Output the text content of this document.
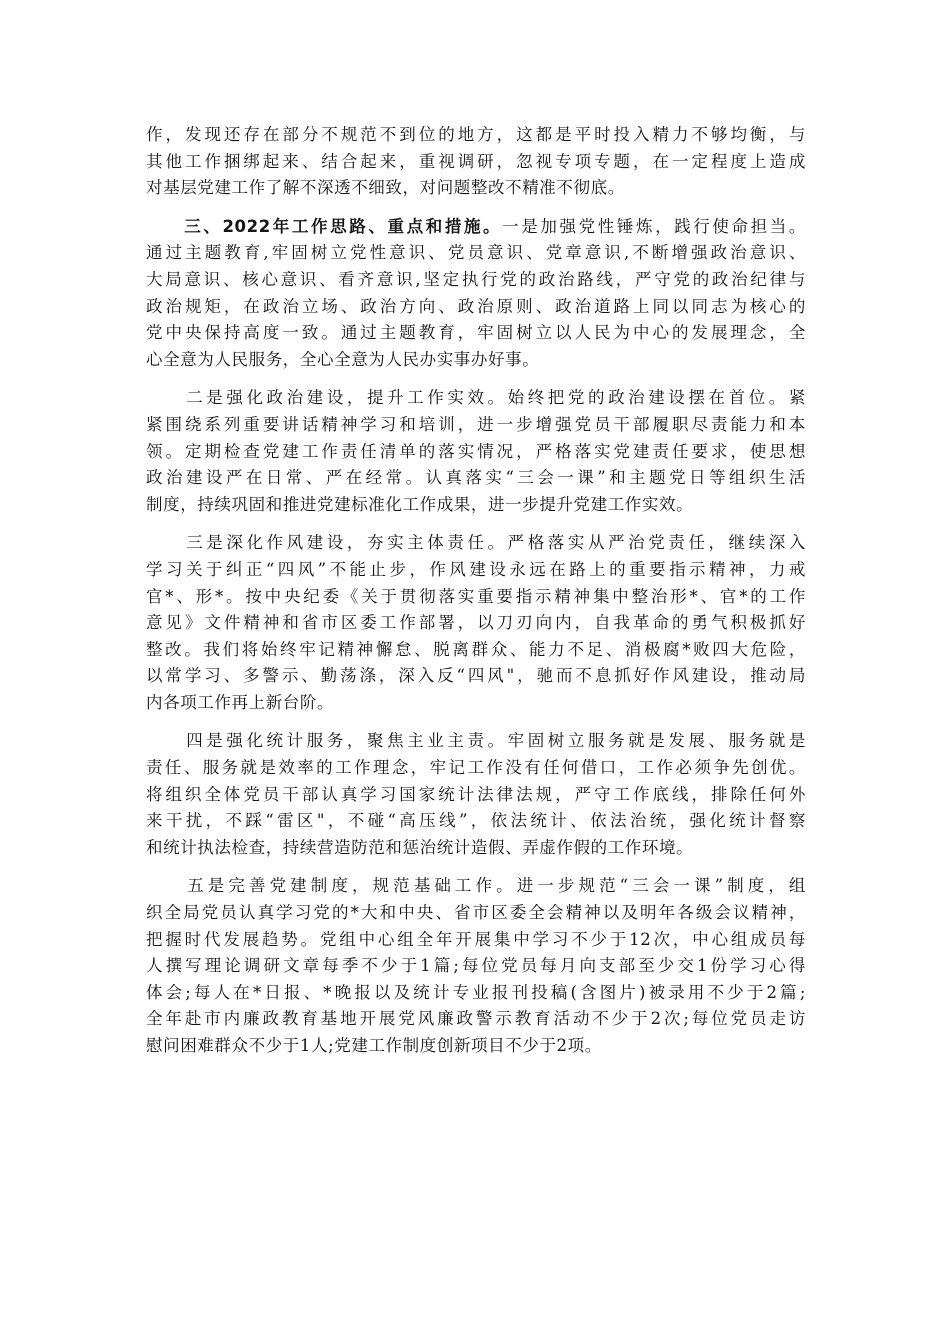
作，发现还存在部分不规范不到位的地方，这都是平时投入精力不够均衡，与
其他工作捆绑起来、结合起来，重视调研，忽视专项专题，在一定程度上造成
对基层党建工作了解不深透不细致，对问题整改不精准不彻底。
　　三、2022年工作思路、重点和措施。一是加强党性锤炼，践行使命担当。
通过主题教育,牢固树立党性意识、党员意识、党章意识,不断增强政治意识、
大局意识、核心意识、看齐意识,坚定执行党的政治路线，严守党的政治纪律与
政治规矩，在政治立场、政治方向、政治原则、政治道路上同以同志为核心的
党中央保持高度一致。通过主题教育，牢固树立以人民为中心的发展理念，全
心全意为人民服务，全心全意为人民办实事办好事。
　　二是强化政治建设，提升工作实效。始终把党的政治建设摆在首位。紧
紧围绕系列重要讲话精神学习和培训，进一步增强党员干部履职尽责能力和本
领。定期检查党建工作责任清单的落实情况，严格落实党建责任要求，使思想
政治建设严在日常、严在经常。认真落实“三会一课”和主题党日等组织生活
制度，持续巩固和推进党建标准化工作成果，进一步提升党建工作实效。
　　三是深化作风建设，夯实主体责任。严格落实从严治党责任，继续深入
学习关于纠正“四风”不能止步，作风建设永远在路上的重要指示精神，力戒
官*、形*。按中央纪委《关于贯彻落实重要指示精神集中整治形*、官*的工作
意见》文件精神和省市区委工作部署，以刀刃向内，自我革命的勇气积极抓好
整改。我们将始终牢记精神懈怠、脱离群众、能力不足、消极腐*败四大危险，
以常学习、多警示、勤荡涤，深入反“四风"，驰而不息抓好作风建设，推动局
内各项工作再上新台阶。
　　四是强化统计服务，聚焦主业主责。牢固树立服务就是发展、服务就是
责任、服务就是效率的工作理念，牢记工作没有任何借口，工作必须争先创优。
将组织全体党员干部认真学习国家统计法律法规，严守工作底线，排除任何外
来干扰，不踩“雷区"，不碰“高压线”，依法统计、依法治统，强化统计督察
和统计执法检查，持续营造防范和惩治统计造假、弄虚作假的工作环境。
　　五是完善党建制度，规范基础工作。进一步规范“三会一课”制度，组
织全局党员认真学习党的*大和中央、省市区委全会精神以及明年各级会议精神，
把握时代发展趋势。党组中心组全年开展集中学习不少于12次，中心组成员每
人撰写理论调研文章每季不少于1篇;每位党员每月向支部至少交1份学习心得
体会;每人在*日报、*晚报以及统计专业报刊投稿(含图片)被录用不少于2篇;
全年赴市内廉政教育基地开展党风廉政警示教育活动不少于2次;每位党员走访
慰问困难群众不少于1人;党建工作制度创新项目不少于2项。
